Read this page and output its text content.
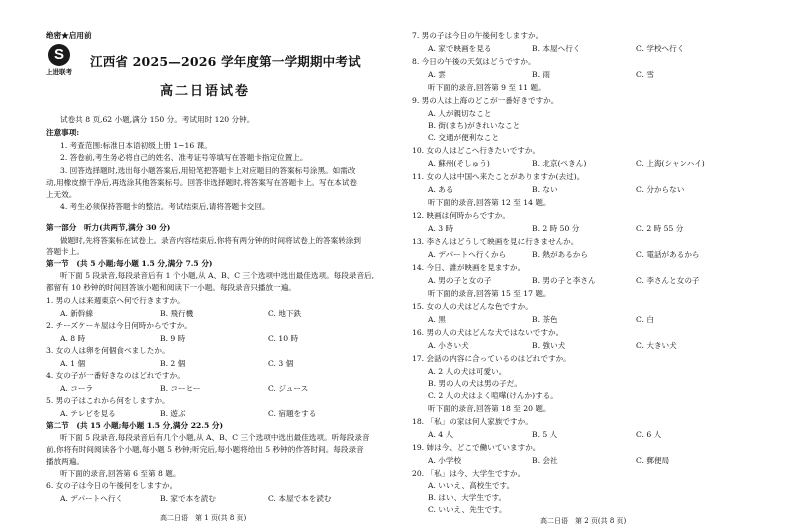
绝密★启用前
S
上进联考
江西省 2025—2026 学年度第一学期期中考试
高二日语试卷
试卷共 8 页,62 小题,满分 150 分。考试用时 120 分钟。
注意事项:
1. 考查范围:标准日本语初级上册 1~16 课。
2. 答卷前,考生务必将自己的姓名、准考证号等填写在答题卡指定位置上。
3. 回答选择题时,选出每小题答案后,用铅笔把答题卡上对应题目的答案标号涂黑。如需改
动,用橡皮擦干净后,再选涂其他答案标号。回答非选择题时,将答案写在答题卡上。写在本试卷
上无效。
4. 考生必须保持答题卡的整洁。考试结束后,请将答题卡交回。
第一部分　听力(共两节,满分 30 分)
做题时,先将答案标在试卷上。录音内容结束后,你将有两分钟的时间将试卷上的答案转涂到
答题卡上。
第一节　(共 5 小题;每小题 1.5 分,满分 7.5 分)
听下面 5 段录音,每段录音后有 1 个小题,从 A、B、C 三个选项中选出最佳选项。每段录音后,
都留有 10 秒钟的时间回答该小题和阅读下一小题。每段录音只播放一遍。
1. 男の人は来週東京へ何で行きますか。
A. 新幹線	B. 飛行機	C. 地下鉄
2. チーズケーキ屋は今日何時からですか。
A. 8 時	B. 9 時	C. 10 時
3. 女の人は卵を何個食べましたか。
A. 1 個	B. 2 個	C. 3 個
4. 女の子が一番好きなのはどれですか。
A. コーラ	B. コーヒー	C. ジュース
5. 男の子はこれから何をしますか。
A. テレビを見る	B. 遊ぶ	C. 宿題をする
第二节　(共 15 小题;每小题 1.5 分,满分 22.5 分)
听下面 5 段录音,每段录音后有几个小题,从 A、B、C 三个选项中选出最佳选项。听每段录音
前,你将有时间阅读各个小题,每小题 5 秒钟;听完后,每小题将给出 5 秒钟的作答时间。每段录音
播放两遍。
听下面的录音,回答第 6 至第 8 题。
6. 女の子は今日の午後何をしますか。
A. デパートへ行く	B. 家で本を読む	C. 本屋で本を読む
高二日语　第 1 页(共 8 页)
7. 男の子は今日の午後何をしますか。
A. 家で映画を見る	B. 本屋へ行く	C. 学校へ行く
8. 今日の午後の天気はどうですか。
A. 雲	B. 雨	C. 雪
听下面的录音,回答第 9 至 11 题。
9. 男の人は上海のどこが一番好きですか。
A. 人が親切なこと
B. 街(まち)がきれいなこと
C. 交通が便利なこと
10. 女の人はどこへ行きたいですか。
A. 蘇州(そしゅう)	B. 北京(ぺきん)	C. 上海(シャンハイ)
11. 女の人は中国へ来たことがありますか(去过)。
A. ある	B. ない	C. 分からない
听下面的录音,回答第 12 至 14 题。
12. 映画は何時からですか。
A. 3 時	B. 2 時 50 分	C. 2 時 55 分
13. 李さんはどうして映画を見に行きませんか。
A. デパートへ行くから	B. 熱があるから	C. 電話があるから
14. 今日、誰が映画を見ますか。
A. 男の子と女の子	B. 男の子と李さん	C. 李さんと女の子
听下面的录音,回答第 15 至 17 题。
15. 女の人の犬はどんな色ですか。
A. 黒	B. 茶色	C. 白
16. 男の人の犬はどんな犬ではないですか。
A. 小さい犬	B. 強い犬	C. 大きい犬
17. 会話の内容に合っているのはどれですか。
A. 2 人の犬は可愛い。
B. 男の人の犬は男の子だ。
C. 2 人の犬はよく喧嘩(けんか)する。
听下面的录音,回答第 18 至 20 题。
18. 「私」の家は何人家族ですか。
A. 4 人	B. 5 人	C. 6 人
19. 姉は今、どこで働いていますか。
A. 小学校	B. 会社	C. 郵便局
20. 「私」は今、大学生ですか。
A. いいえ、高校生です。
B. はい、大学生です。
C. いいえ、先生です。
高二日语　第 2 页(共 8 页)
